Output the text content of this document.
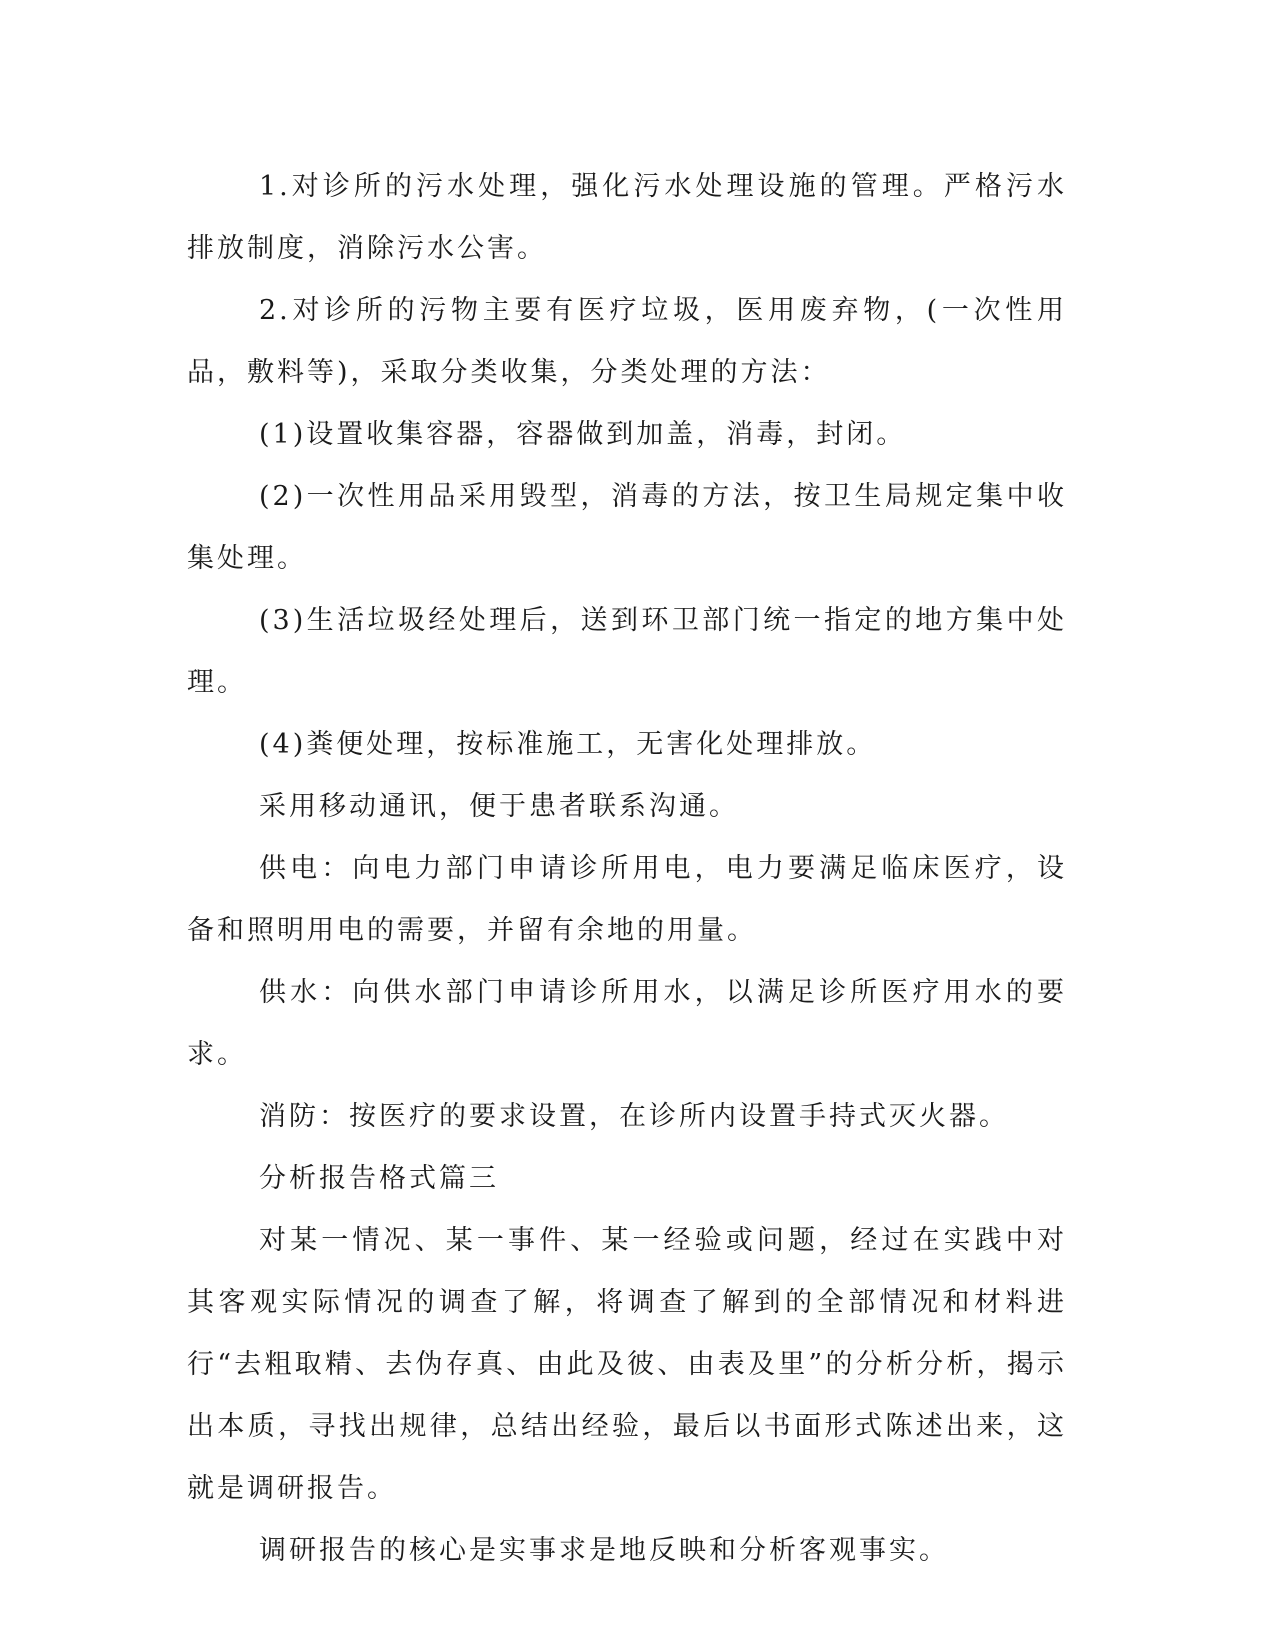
1.对诊所的污水处理，强化污水处理设施的管理。严格污水排放制度，消除污水公害。

2.对诊所的污物主要有医疗垃圾，医用废弃物，(一次性用品，敷料等)，采取分类收集，分类处理的方法：

(1)设置收集容器，容器做到加盖，消毒，封闭。

(2)一次性用品采用毁型，消毒的方法，按卫生局规定集中收集处理。

(3)生活垃圾经处理后，送到环卫部门统一指定的地方集中处理。

(4)粪便处理，按标准施工，无害化处理排放。

采用移动通讯，便于患者联系沟通。

供电：向电力部门申请诊所用电，电力要满足临床医疗，设备和照明用电的需要，并留有余地的用量。

供水：向供水部门申请诊所用水，以满足诊所医疗用水的要求。

消防：按医疗的要求设置，在诊所内设置手持式灭火器。

分析报告格式篇三

对某一情况、某一事件、某一经验或问题，经过在实践中对其客观实际情况的调查了解，将调查了解到的全部情况和材料进行“去粗取精、去伪存真、由此及彼、由表及里”的分析分析，揭示出本质，寻找出规律，总结出经验，最后以书面形式陈述出来，这就是调研报告。

调研报告的核心是实事求是地反映和分析客观事实。
